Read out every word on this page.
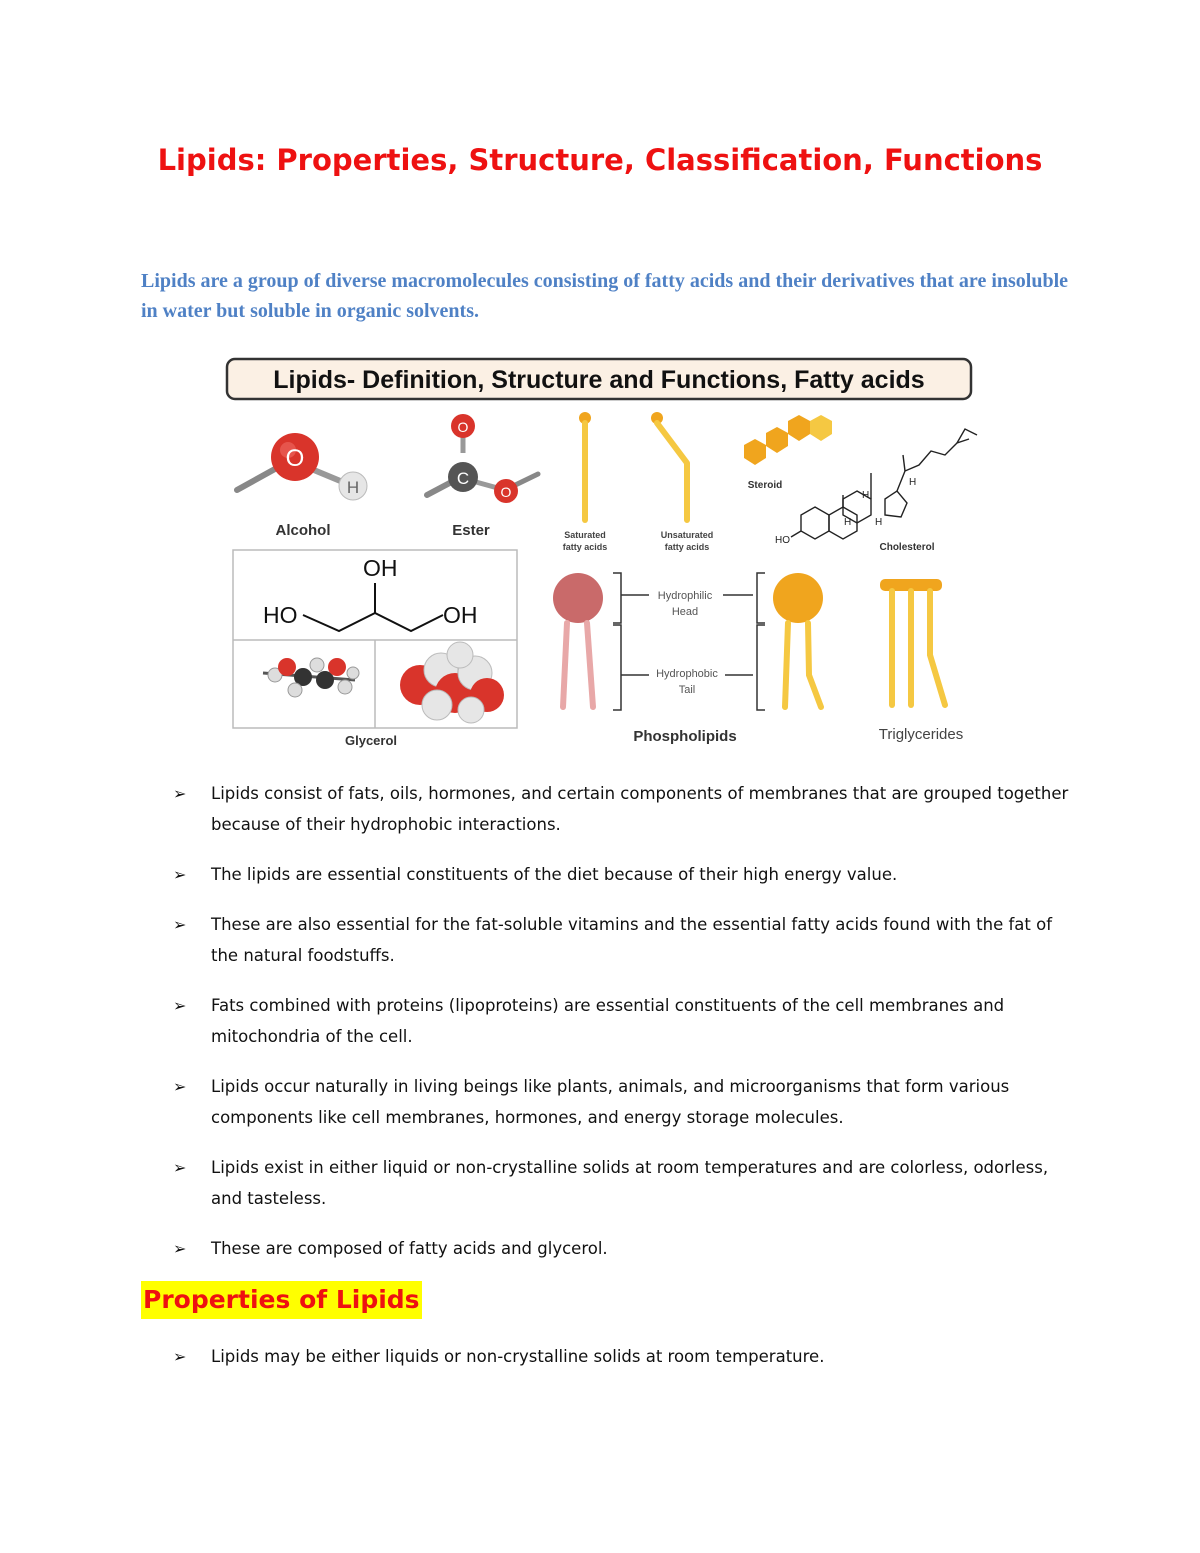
Lipids: Properties, Structure, Classification, Functions
Lipids are a group of diverse macromolecules consisting of fatty acids and their derivatives that are insoluble in water but soluble in organic solvents.
Lipids- Definition, Structure and Functions, Fatty acids
O
H
Alcohol
O
C
O
Ester	Saturated
fatty acids
Unsaturated
fatty acids
Steroid
HO
H
H
H H
Cholesterol
OH
HO	OH
Glycerol
Hydrophilic
Head
Hydrophobic
Tail
Phospholipids	Triglycerides
➢ Lipids consist of fats, oils, hormones, and certain components of membranes that are grouped together because of their hydrophobic interactions.
➢ The lipids are essential constituents of the diet because of their high energy value.
➢ These are also essential for the fat-soluble vitamins and the essential fatty acids found with the fat of the natural foodstuffs.
➢ Fats combined with proteins (lipoproteins) are essential constituents of the cell membranes and mitochondria of the cell.
➢ Lipids occur naturally in living beings like plants, animals, and microorganisms that form various components like cell membranes, hormones, and energy storage molecules.
➢ Lipids exist in either liquid or non-crystalline solids at room temperatures and are colorless, odorless, and tasteless.
➢ These are composed of fatty acids and glycerol.
Properties of Lipids
➢ Lipids may be either liquids or non-crystalline solids at room temperature.
